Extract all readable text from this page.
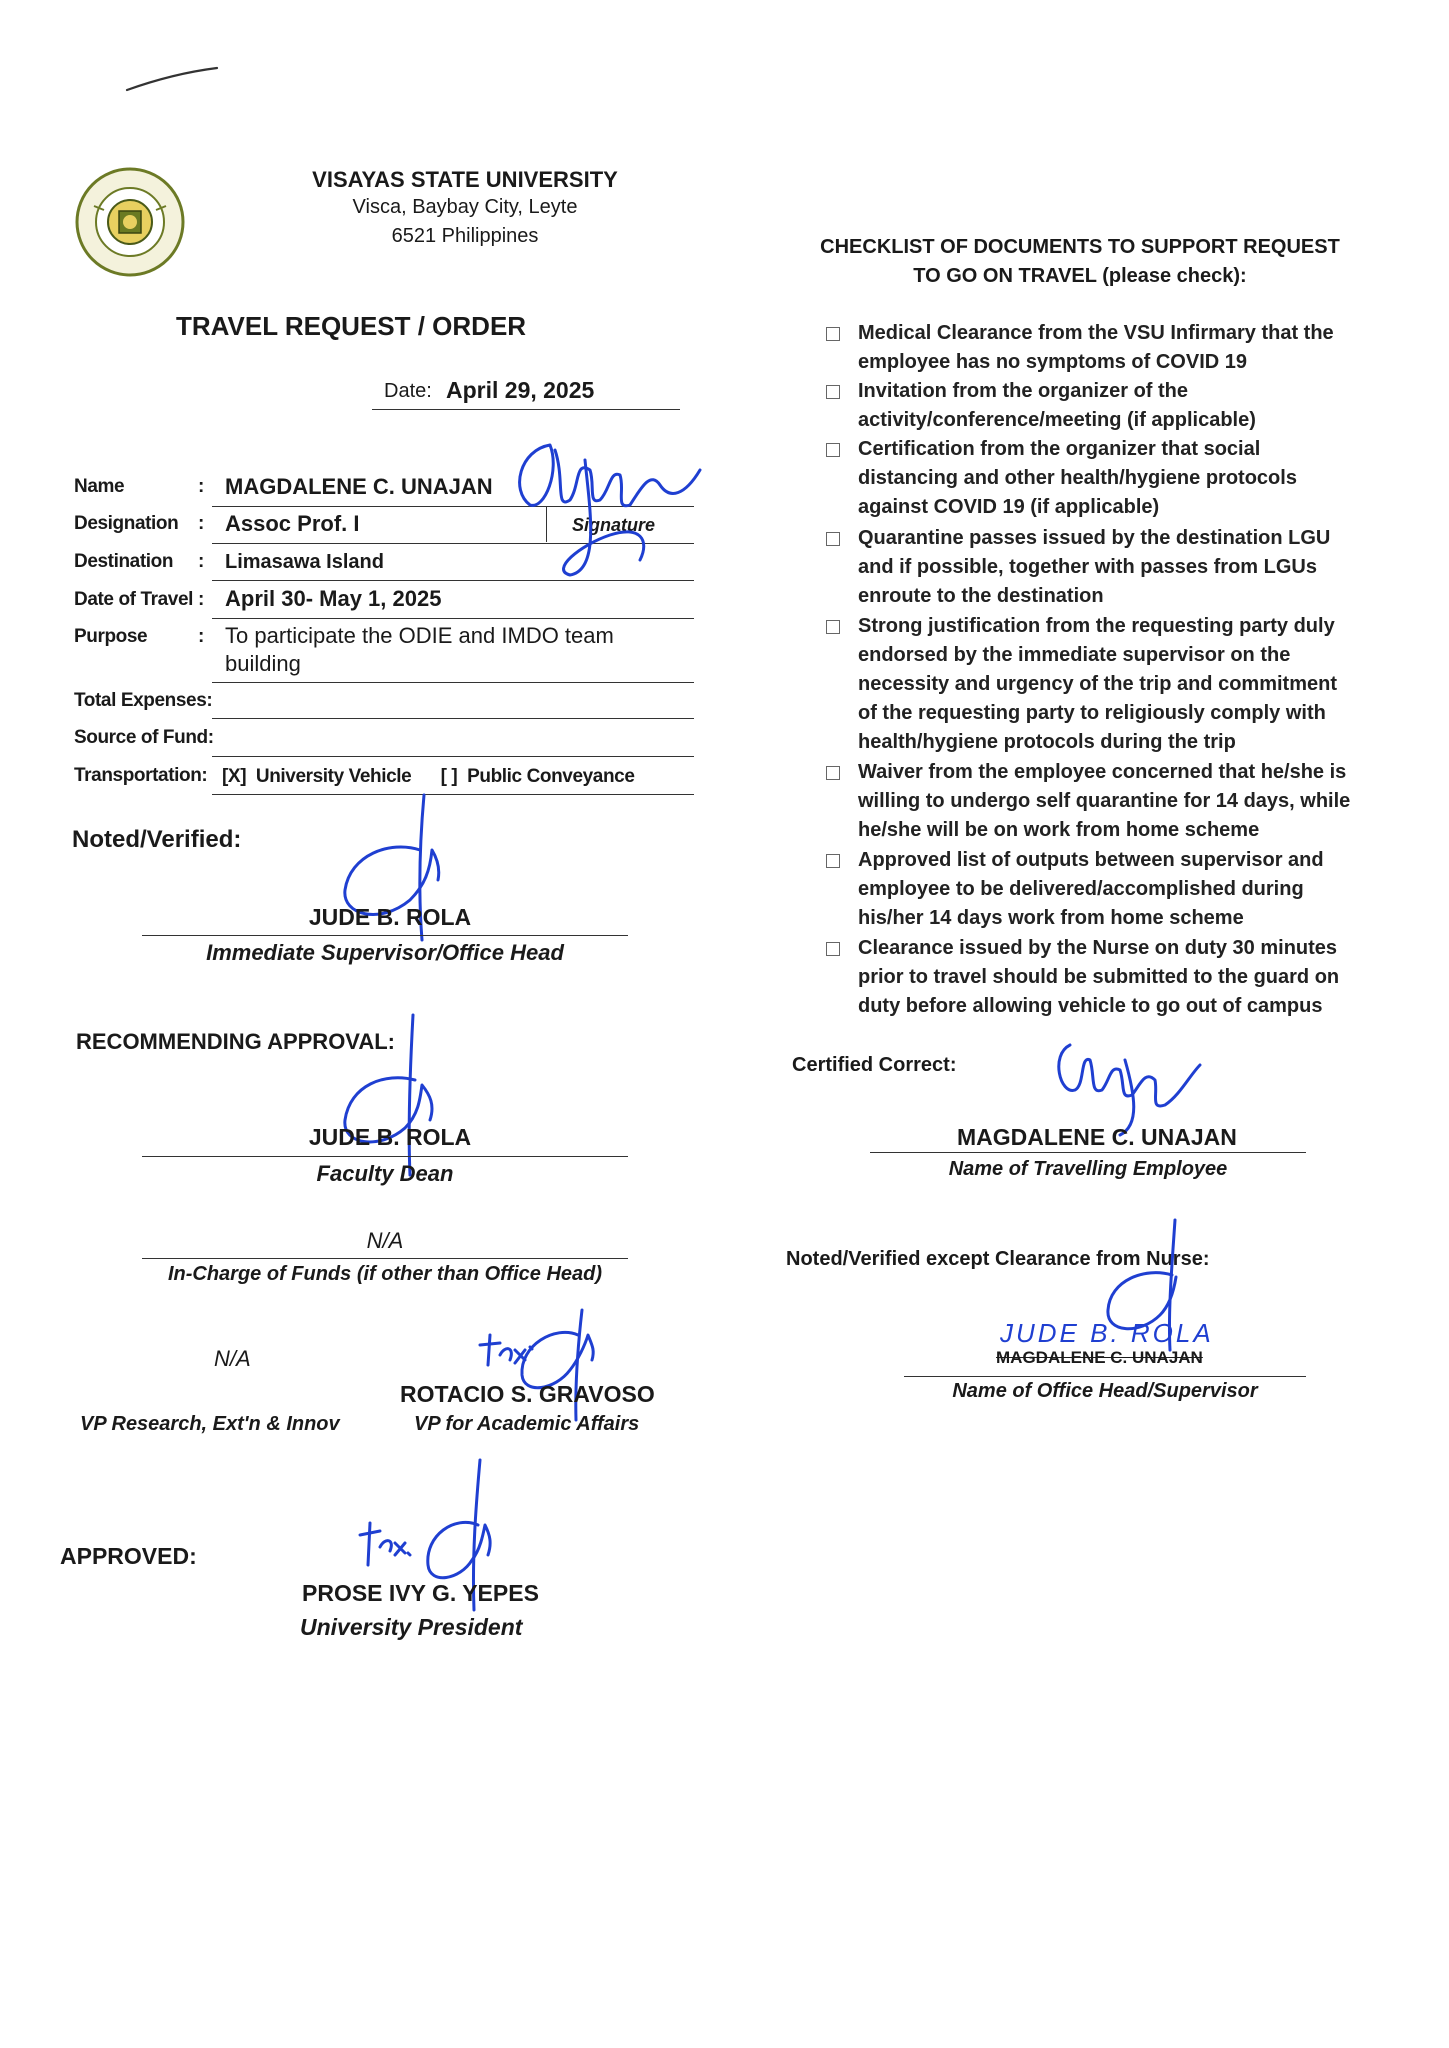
VISAYAS STATE UNIVERSITY
Visca, Baybay City, Leyte
6521 Philippines
TRAVEL REQUEST / ORDER
Date: April 29, 2025
Name	: MAGDALENE C. UNAJAN
Designation : Assoc Prof. I	Signature
Destination : Limasawa Island
Date of Travel : April 30- May 1, 2025
Purpose	: To participate the ODIE and IMDO team building
Total Expenses:
Source of Fund:
Transportation: [X]  University Vehicle      [ ]  Public Conveyance
Noted/Verified:
JUDE B. ROLA
Immediate Supervisor/Office Head
RECOMMENDING APPROVAL:
JUDE B. ROLA
Faculty Dean
N/A
In-Charge of Funds (if other than Office Head)
N/A
VP Research, Ext'n & Innov
ROTACIO S. GRAVOSO
VP for Academic Affairs
APPROVED:
PROSE IVY G. YEPES
University President
CHECKLIST OF DOCUMENTS TO SUPPORT REQUEST
TO GO ON TRAVEL (please check):
Medical Clearance from the VSU Infirmary that the
employee has no symptoms of COVID 19
Invitation from the organizer of the
activity/conference/meeting (if applicable)
Certification from the organizer that social
distancing and other health/hygiene protocols
against COVID 19 (if applicable)
Quarantine passes issued by the destination LGU
and if possible, together with passes from LGUs
enroute to the destination
Strong justification from the requesting party duly
endorsed by the immediate supervisor on the
necessity and urgency of the trip and commitment
of the requesting party to religiously comply with
health/hygiene protocols during the trip
Waiver from the employee concerned that he/she is
willing to undergo self quarantine for 14 days, while
he/she will be on work from home scheme
Approved list of outputs between supervisor and
employee to be delivered/accomplished during
his/her 14 days work from home scheme
Clearance issued by the Nurse on duty 30 minutes
prior to travel should be submitted to the guard on
duty before allowing vehicle to go out of campus
Certified Correct:
MAGDALENE C. UNAJAN
Name of Travelling Employee
Noted/Verified except Clearance from Nurse:
JUDE B. ROLA
MAGDALENE C. UNAJAN
Name of Office Head/Supervisor
